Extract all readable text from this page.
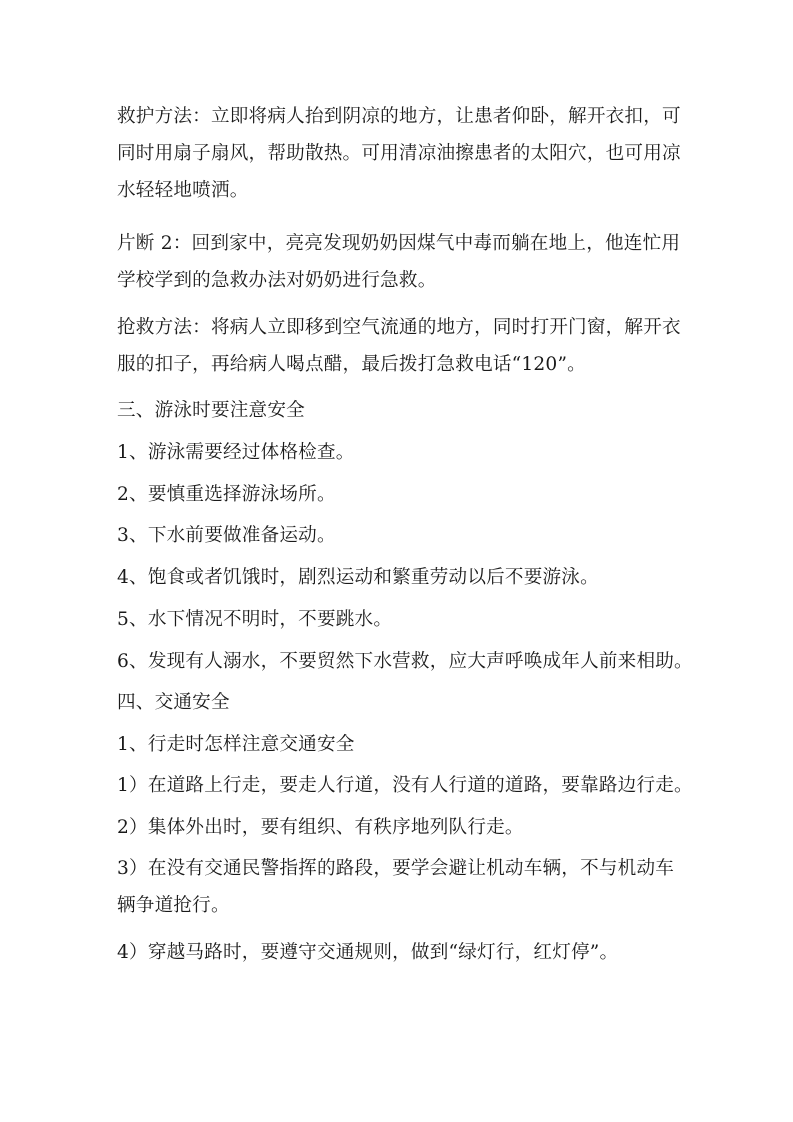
救护方法：立即将病人抬到阴凉的地方，让患者仰卧，解开衣扣，可
同时用扇子扇风，帮助散热。可用清凉油擦患者的太阳穴，也可用凉
水轻轻地喷洒。
片断 2：回到家中，亮亮发现奶奶因煤气中毒而躺在地上，他连忙用
学校学到的急救办法对奶奶进行急救。
抢救方法：将病人立即移到空气流通的地方，同时打开门窗，解开衣
服的扣子，再给病人喝点醋，最后拨打急救电话“120”。
三、游泳时要注意安全
1、游泳需要经过体格检查。
2、要慎重选择游泳场所。
3、下水前要做准备运动。
4、饱食或者饥饿时，剧烈运动和繁重劳动以后不要游泳。
5、水下情况不明时，不要跳水。
6、发现有人溺水，不要贸然下水营救，应大声呼唤成年人前来相助。
四、交通安全
1、行走时怎样注意交通安全
1）在道路上行走，要走人行道，没有人行道的道路，要靠路边行走。
2）集体外出时，要有组织、有秩序地列队行走。
3）在没有交通民警指挥的路段，要学会避让机动车辆，不与机动车
辆争道抢行。
4）穿越马路时，要遵守交通规则，做到“绿灯行，红灯停”。
